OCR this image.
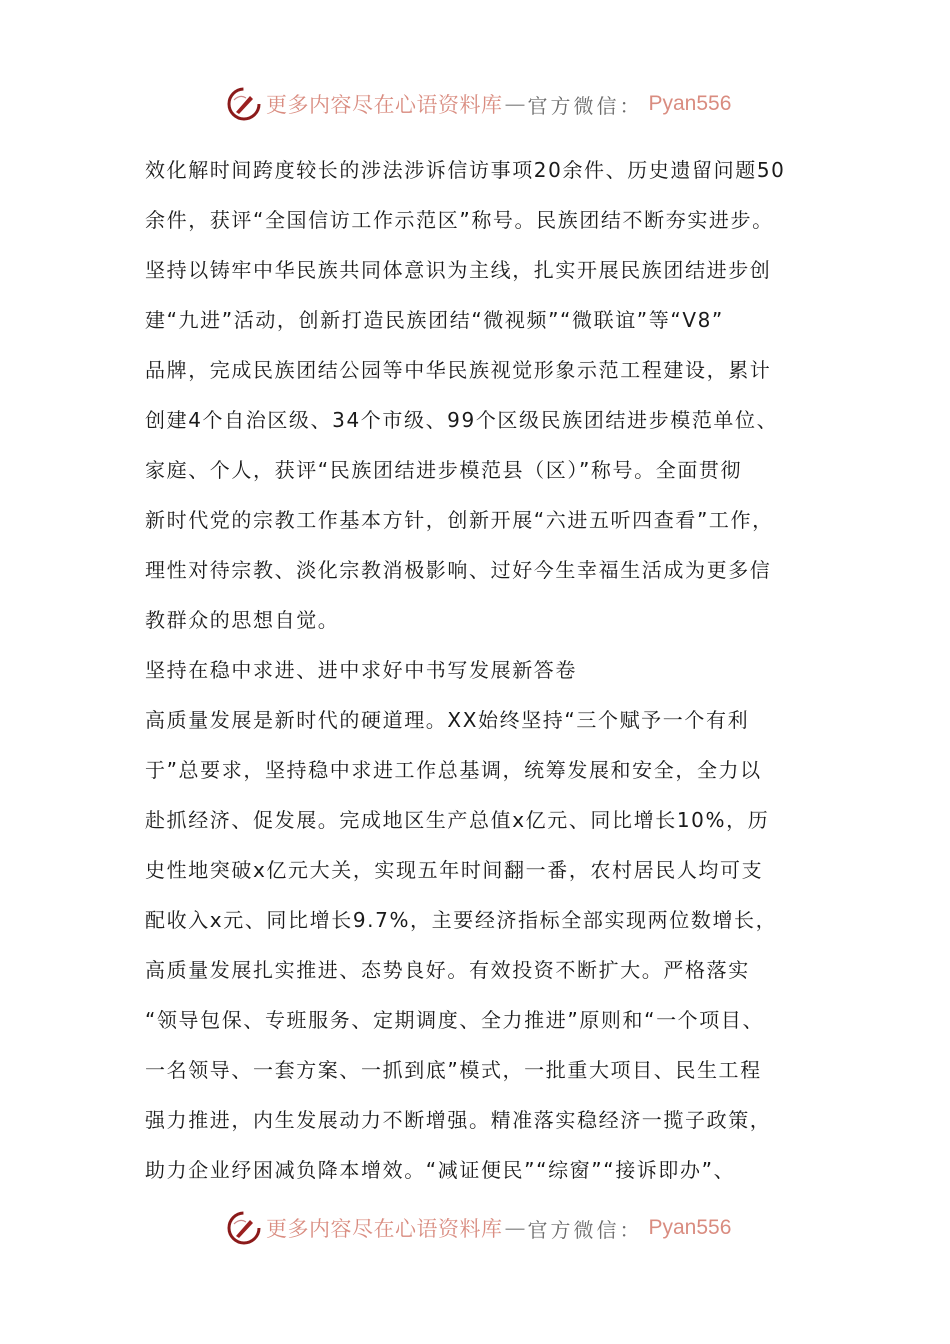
更多内容尽在心语资料库 — 官方微信： Pyan556
效化解时间跨度较长的涉法涉诉信访事项20余件、历史遗留问题50
余件，获评“全国信访工作示范区”称号。民族团结不断夯实进步。
坚持以铸牢中华民族共同体意识为主线，扎实开展民族团结进步创
建“九进”活动，创新打造民族团结“微视频”“微联谊”等“V8”
品牌，完成民族团结公园等中华民族视觉形象示范工程建设，累计
创建4个自治区级、34个市级、99个区级民族团结进步模范单位、
家庭、个人，获评“民族团结进步模范县（区）”称号。全面贯彻
新时代党的宗教工作基本方针，创新开展“六进五听四查看”工作，
理性对待宗教、淡化宗教消极影响、过好今生幸福生活成为更多信
教群众的思想自觉。
坚持在稳中求进、进中求好中书写发展新答卷
高质量发展是新时代的硬道理。XX始终坚持“三个赋予一个有利
于”总要求，坚持稳中求进工作总基调，统筹发展和安全，全力以
赴抓经济、促发展。完成地区生产总值x亿元、同比增长10%，历
史性地突破x亿元大关，实现五年时间翻一番，农村居民人均可支
配收入x元、同比增长9.7%，主要经济指标全部实现两位数增长，
高质量发展扎实推进、态势良好。有效投资不断扩大。严格落实
“领导包保、专班服务、定期调度、全力推进”原则和“一个项目、
一名领导、一套方案、一抓到底”模式，一批重大项目、民生工程
强力推进，内生发展动力不断增强。精准落实稳经济一揽子政策，
助力企业纾困减负降本增效。“减证便民”“综窗”“接诉即办”、
更多内容尽在心语资料库 — 官方微信： Pyan556
